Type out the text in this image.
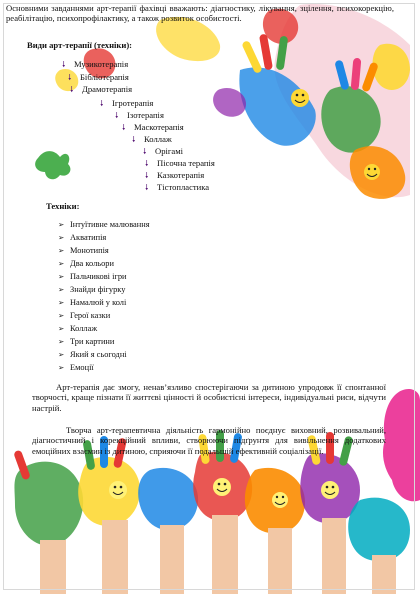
Основними завданнями арт-терапії фахівці вважають: діагностику, лікування, зцілення, психокорекцію, реабілітацію, психопрофілактику, а також розвиток особистості.
Види арт-терапії (техніки):
🠗 Музикотерапія
🠗 Бібліотерапія
🠗 Драмотерапія
🠗 Ігротерапія
🠗 Ізотерапія
🠗 Маскотерапія
🠗 Коллаж
🠗 Орігамі
🠗 Пісочна терапія
🠗 Казкотерапія
🠗 Тістопластика
Техніки:
➢ Інтуїтивне малювання
➢ Акватипія
➢ Монотипія
➢ Два кольори
➢ Пальчикові ігри
➢ Знайди фігурку
➢ Намалюй у колі
➢ Герої казки
➢ Коллаж
➢ Три картини
➢ Який я сьогодні
➢ Емоції
Арт-терапія дає змогу, ненав’язливо спостерігаючи за дитиною упродовж її спонтанної творчості, краще пізнати її життєві цінності й особистісні інтереси, індивідуальні риси, відчути настрій.
Творча арт-терапевтична діяльність гармонійно поєднує виховний, розвивальний, діагностичний і корекційний впливи, створюючи підґрунтя для вивільнення додаткових емоційних взаємин із дитиною, сприяючи її подальшій ефективній соціалізації.
